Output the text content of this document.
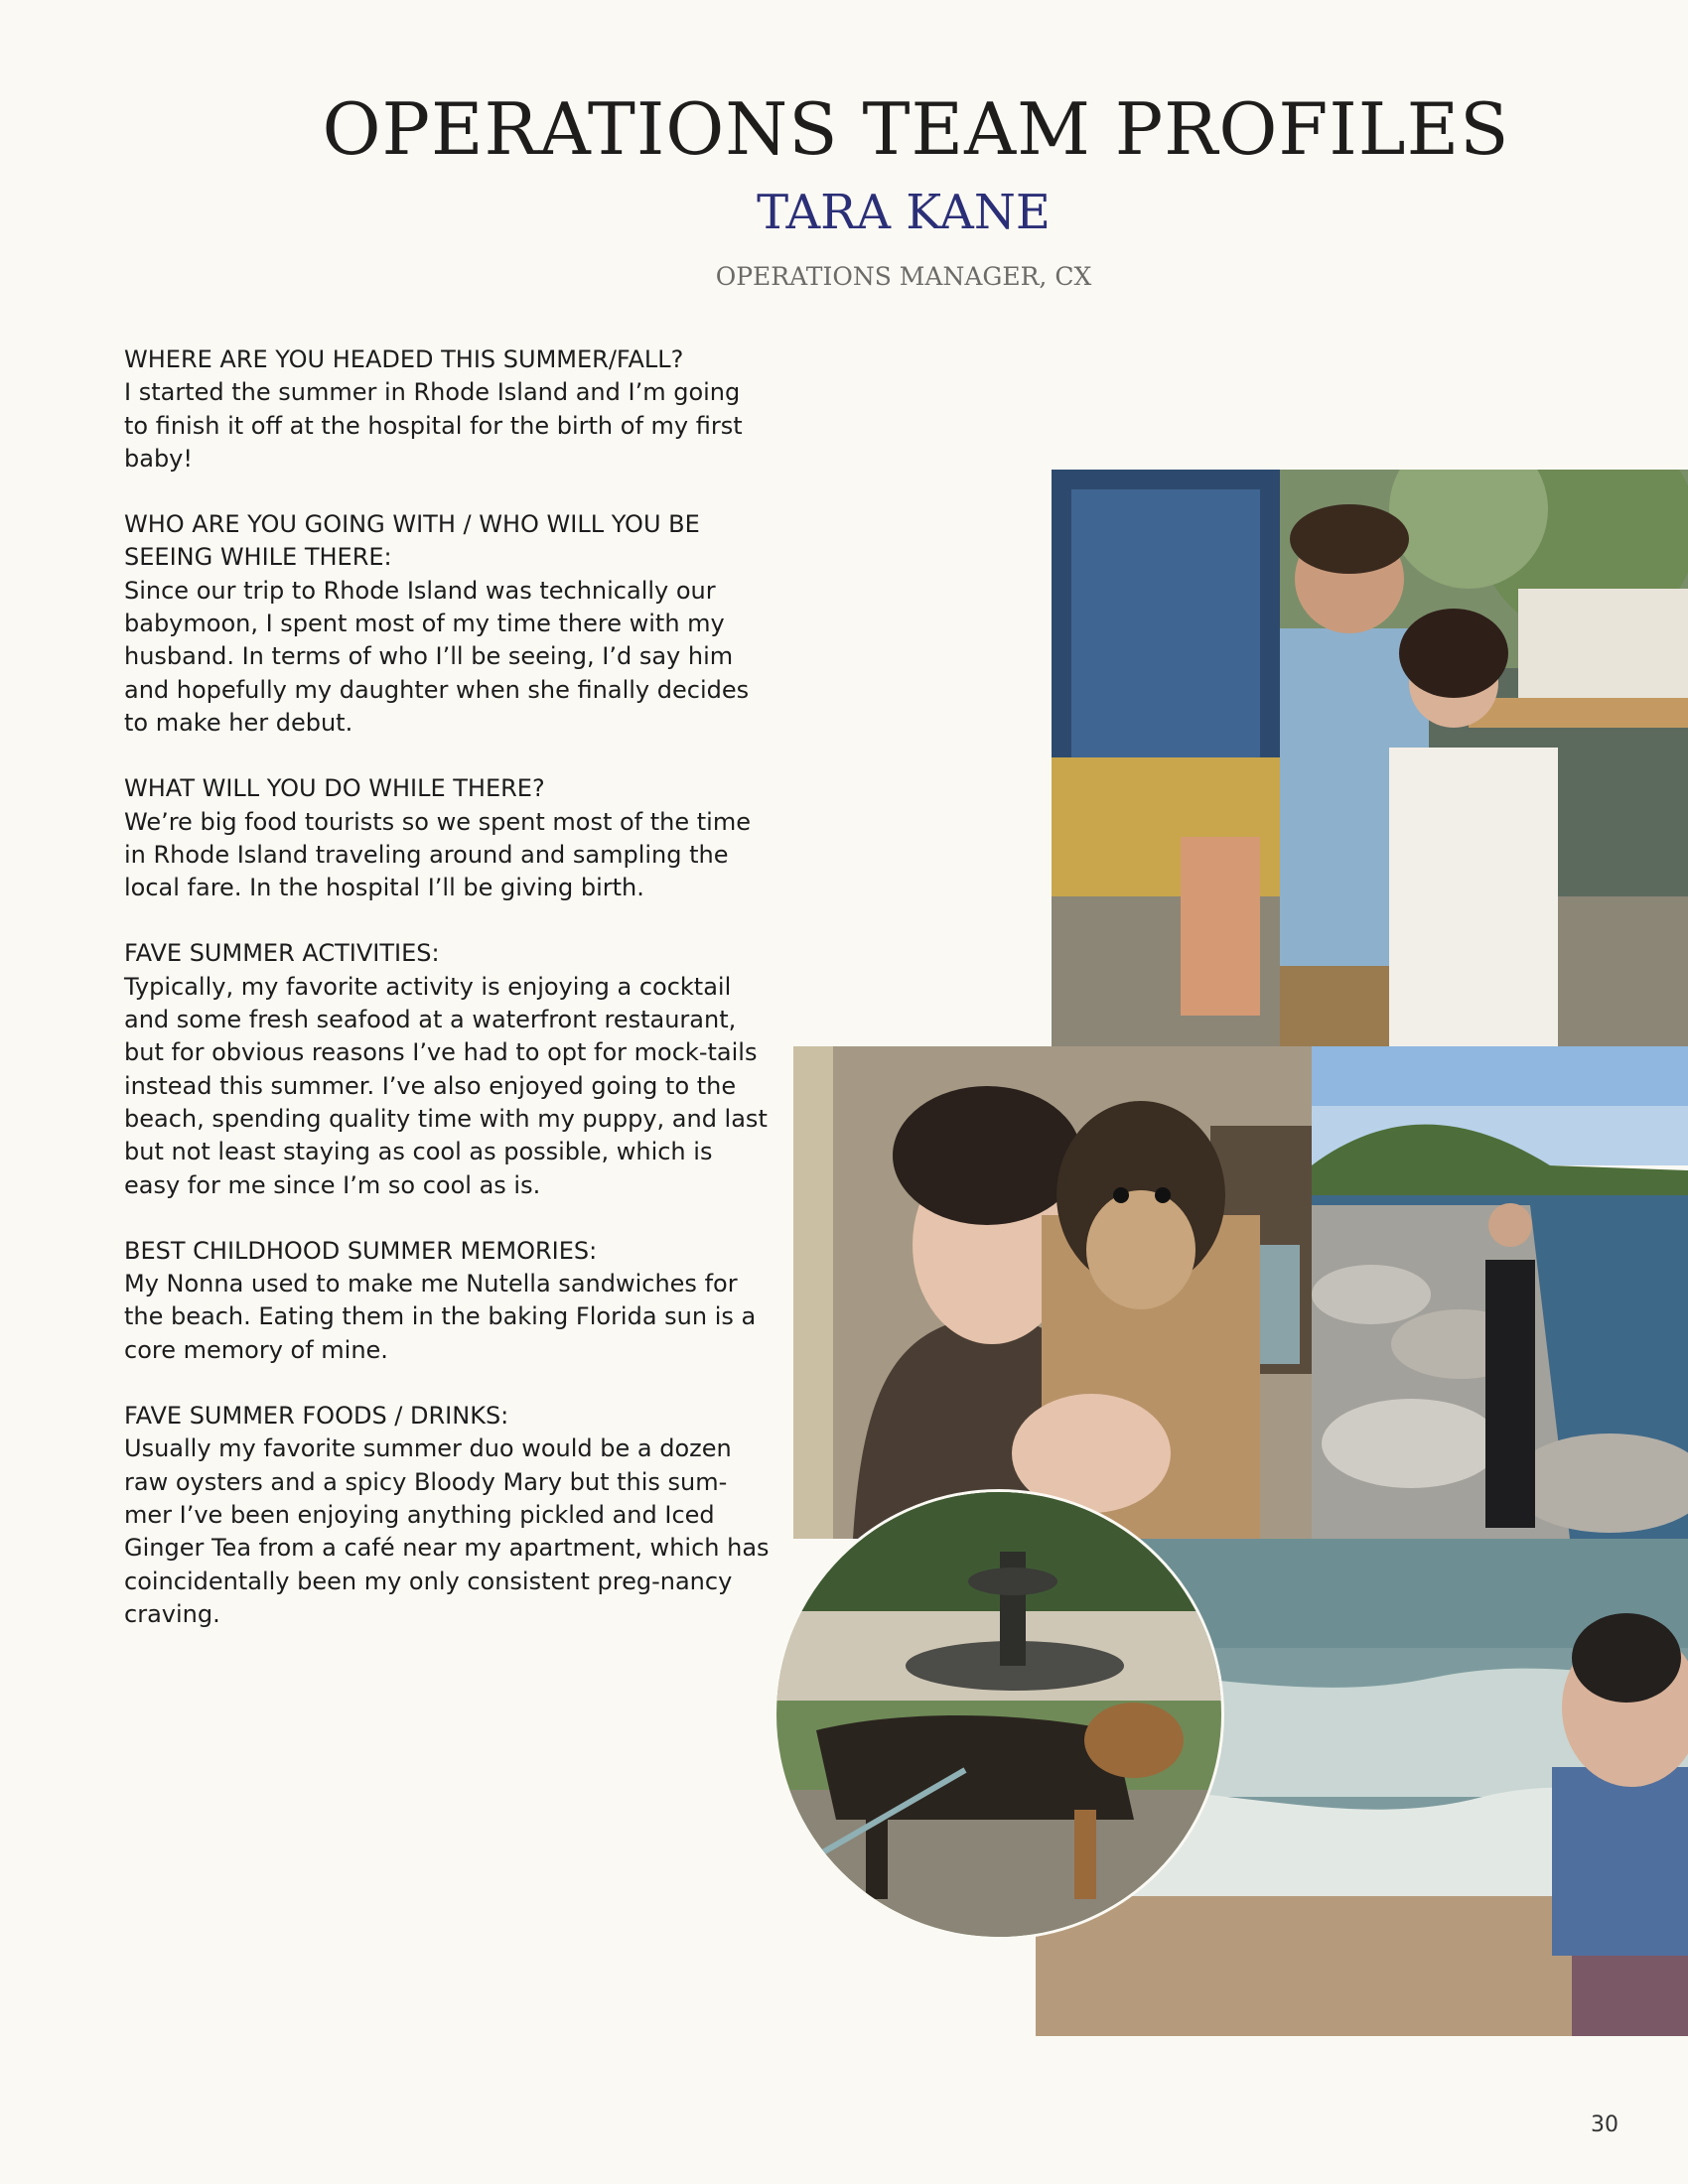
OPERATIONS TEAM PROFILES
TARA KANE

OPERATIONS MANAGER, CX

WHERE ARE YOU HEADED THIS SUMMER/FALL?
I started the summer in Rhode Island and I’m going to finish it off at the hospital for the birth of my first baby!
WHO ARE YOU GOING WITH / WHO WILL YOU BE SEEING WHILE THERE:
Since our trip to Rhode Island was technically our babymoon, I spent most of my time there with my husband. In terms of who I’ll be seeing, I’d say him and hopefully my daughter when she finally decides to make her debut.
WHAT WILL YOU DO WHILE THERE?
We’re big food tourists so we spent most of the time in Rhode Island traveling around and sampling the local fare. In the hospital I’ll be giving birth.
FAVE SUMMER ACTIVITIES:
Typically, my favorite activity is enjoying a cocktail and some fresh seafood at a waterfront restaurant, but for obvious reasons I’ve had to opt for mock-tails instead this summer. I’ve also enjoyed going to the beach, spending quality time with my puppy, and last but not least staying as cool as possible, which is easy for me since I’m so cool as is.
BEST CHILDHOOD SUMMER MEMORIES:
My Nonna used to make me Nutella sandwiches for the beach. Eating them in the baking Florida sun is a core memory of mine.
FAVE SUMMER FOODS / DRINKS:
Usually my favorite summer duo would be a dozen raw oysters and a spicy Bloody Mary but this sum-mer I’ve been enjoying anything pickled and Iced Ginger Tea from a café near my apartment, which has coincidentally been my only consistent preg-nancy craving.
30
